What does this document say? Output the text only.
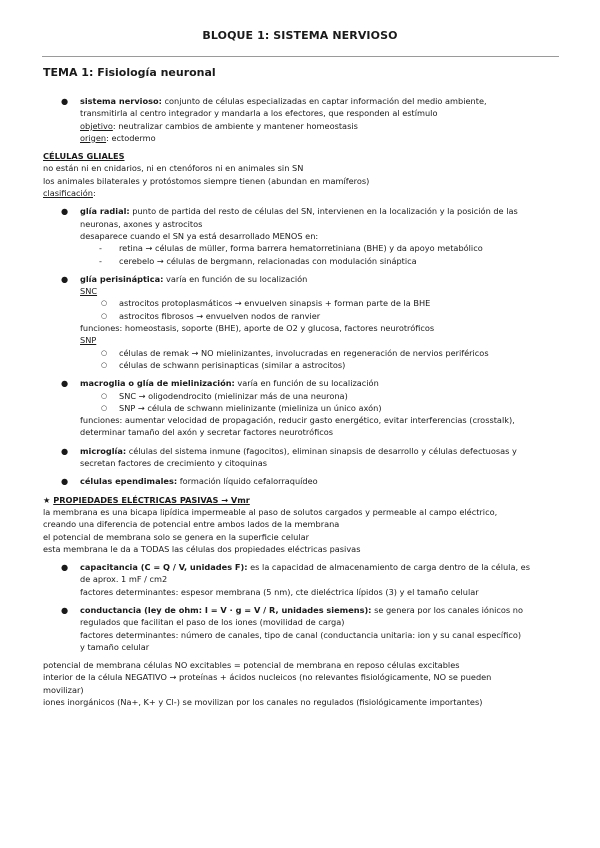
BLOQUE 1: SISTEMA NERVIOSO
TEMA 1: Fisiología neuronal
● sistema nervioso: conjunto de células especializadas en captar información del medio ambiente,
transmitirla al centro integrador y mandarla a los efectores, que responden al estímulo
objetivo: neutralizar cambios de ambiente y mantener homeostasis
origen: ectodermo
CÉLULAS GLIALES
no están ni en cnidarios, ni en ctenóforos ni en animales sin SN
los animales bilaterales y protóstomos siempre tienen (abundan en mamíferos)
clasificación:
● glía radial: punto de partida del resto de células del SN, intervienen en la localización y la posición de las
neuronas, axones y astrocitos
desaparece cuando el SN ya está desarrollado MENOS en:
- retina → células de müller, forma barrera hematorretiniana (BHE) y da apoyo metabólico
- cerebelo → células de bergmann, relacionadas con modulación sináptica
● glía perisináptica: varía en función de su localización
SNC
○ astrocitos protoplasmáticos → envuelven sinapsis + forman parte de la BHE
○ astrocitos fibrosos → envuelven nodos de ranvier
funciones: homeostasis, soporte (BHE), aporte de O2 y glucosa, factores neurotróficos
SNP
○ células de remak → NO mielinizantes, involucradas en regeneración de nervios periféricos
○ células de schwann perisinapticas (similar a astrocitos)
● macroglia o glía de mielinización: varía en función de su localización
○ SNC → oligodendrocito (mielinizar más de una neurona)
○ SNP → célula de schwann mielinizante (mieliniza un único axón)
funciones: aumentar velocidad de propagación, reducir gasto energético, evitar interferencias (crosstalk),
determinar tamaño del axón y secretar factores neurotróficos
● microglía: células del sistema inmune (fagocitos), eliminan sinapsis de desarrollo y células defectuosas y
secretan factores de crecimiento y citoquinas
● células ependimales: formación líquido cefalorraquídeo
★ PROPIEDADES ELÉCTRICAS PASIVAS → Vmr
la membrana es una bicapa lipídica impermeable al paso de solutos cargados y permeable al campo eléctrico,
creando una diferencia de potencial entre ambos lados de la membrana
el potencial de membrana solo se genera en la superficie celular
esta membrana le da a TODAS las células dos propiedades eléctricas pasivas
● capacitancia (C = Q / V, unidades F): es la capacidad de almacenamiento de carga dentro de la célula, es
de aprox. 1 mF / cm2
factores determinantes: espesor membrana (5 nm), cte dieléctrica lípidos (3) y el tamaño celular
● conductancia (ley de ohm: I = V · g = V / R, unidades siemens): se genera por los canales iónicos no
regulados que facilitan el paso de los iones (movilidad de carga)
factores determinantes: número de canales, tipo de canal (conductancia unitaria: ion y su canal específico)
y tamaño celular
potencial de membrana células NO excitables = potencial de membrana en reposo células excitables
interior de la célula NEGATIVO → proteínas + ácidos nucleicos (no relevantes fisiológicamente, NO se pueden
movilizar)
iones inorgánicos (Na+, K+ y Cl-) se movilizan por los canales no regulados (fisiológicamente importantes)
